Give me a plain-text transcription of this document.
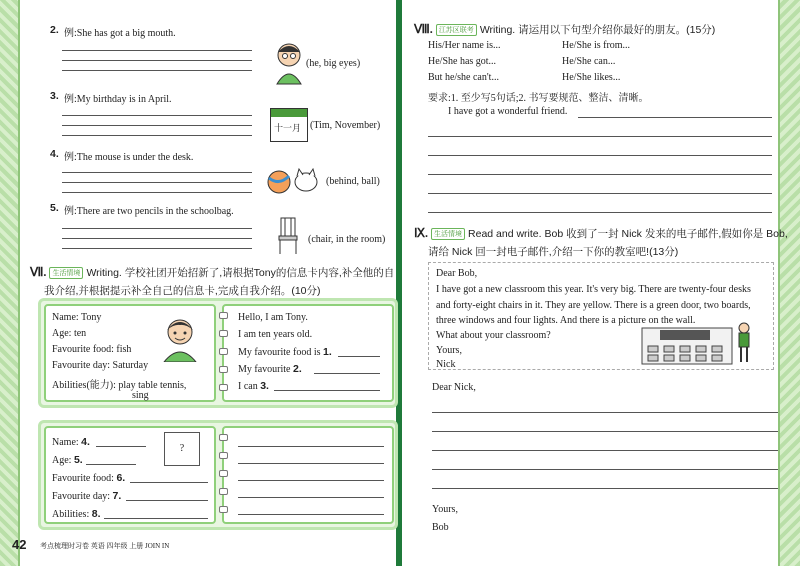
2. 例:She has got a big mouth.
(he, big eyes)
3. 例:My birthday is in April.
十一月 (Tim, November)
4. 例:The mouse is under the desk.
(behind, ball)
5. 例:There are two pencils in the schoolbag.
(chair, in the room)
Ⅶ. 生活情境 Writing. 学校社团开始招新了,请根据Tony的信息卡内容,补全他的自
我介绍,并根据提示补全自己的信息卡,完成自我介绍。(10分)
Name: Tony
Age: ten
Favourite food: fish
Favourite day: Saturday
Abilities(能力): play table tennis,
sing
Hello, I am Tony.
I am ten years old.
My favourite food is 1.
My favourite 2.
I can 3.
Name: 4.
Age: 5.
Favourite food: 6.
Favourite day: 7.
Abilities: 8.
?
42 考点梳理时习卷 英语 四年级 上册 JOIN IN
Ⅷ. 江苏区联考 Writing. 请运用以下句型介绍你最好的朋友。(15分)
His/Her name is...	He/She is from...
He/She has got...	He/She can...
But he/she can't...	He/She likes...
要求:1. 至少写5句话;2. 书写要规范、整洁、清晰。
I have got a wonderful friend.
Ⅸ. 生活情境 Read and write. Bob 收到了一封 Nick 发来的电子邮件,假如你是 Bob,
请给 Nick 回一封电子邮件,介绍一下你的教室吧!(13分)
Dear Bob,
I have got a new classroom this year. It's very big. There are twenty-four desks
and forty-eight chairs in it. They are yellow. There is a green door, two boards,
three windows and four lights. And there is a picture on the wall.
What about your classroom?
Yours,
Nick
Dear Nick,
Yours,
Bob
